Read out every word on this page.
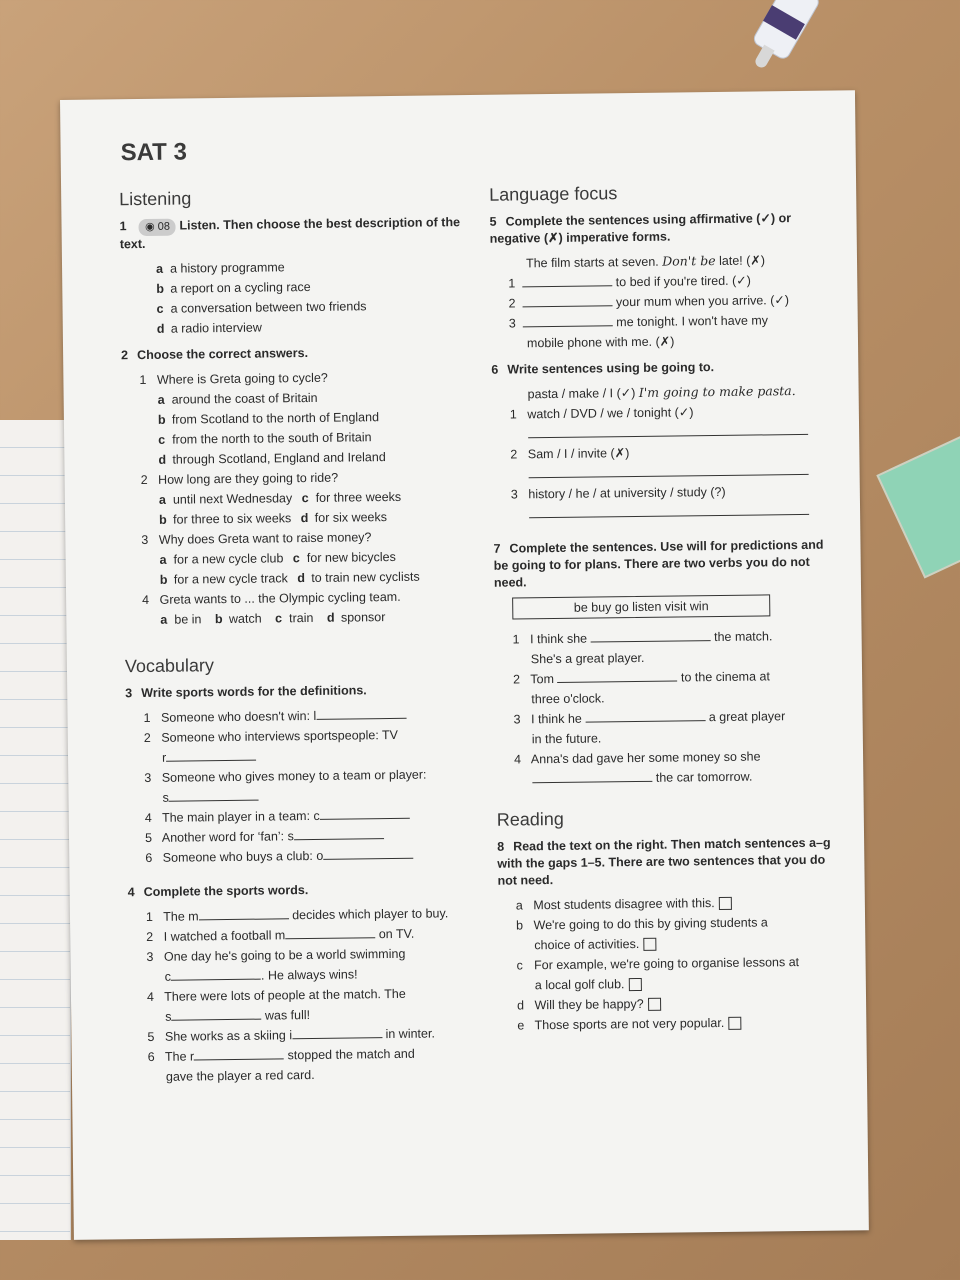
SAT 3
Listening
1 ◉ 08 Listen. Then choose the best description of the text.
a a history programme
b a report on a cycling race
c a conversation between two friends
d a radio interview
2 Choose the correct answers.
1 Where is Greta going to cycle?
a around the coast of Britain
b from Scotland to the north of England
c from the north to the south of Britain
d through Scotland, England and Ireland
2 How long are they going to ride?
a until next Wednesday c for three weeks
b for three to six weeks d for six weeks
3 Why does Greta want to raise money?
a for a new cycle club c for new bicycles
b for a new cycle track d to train new cyclists
4 Greta wants to ... the Olympic cycling team.
a be in b watch c train d sponsor
Vocabulary
3 Write sports words for the definitions.
1 Someone who doesn't win: l
2 Someone who interviews sportspeople: TV
r
3 Someone who gives money to a team or player:
s
4 The main player in a team: c
5 Another word for ‘fan’: s
6 Someone who buys a club: o
4 Complete the sports words.
1 The m	decides which player to buy.
2 I watched a football m	on TV.
3 One day he's going to be a world swimming
c	. He always wins!
4 There were lots of people at the match. The
s	was full!
5 She works as a skiing i	in winter.
6 The r	stopped the match and
gave the player a red card.
Language focus
5 Complete the sentences using affirmative (✓) or negative (✗) imperative forms.
The film starts at seven. Don't be late! (✗)
1	to bed if you're tired. (✓)
2	your mum when you arrive. (✓)
3	me tonight. I won't have my
mobile phone with me. (✗)
6 Write sentences using be going to.
pasta / make / I (✓) I'm going to make pasta.
1 watch / DVD / we / tonight (✓)
2 Sam / I / invite (✗)
3 history / he / at university / study (?)
7 Complete the sentences. Use will for predictions and be going to for plans. There are two verbs you do not need.
be buy go listen visit win
1 I think she	the match.
She's a great player.
2 Tom	to the cinema at
three o'clock.
3 I think he	a great player
in the future.
4 Anna's dad gave her some money so she
the car tomorrow.
Reading
8 Read the text on the right. Then match sentences a–g with the gaps 1–5. There are two sentences that you do not need.
a Most students disagree with this.
b We're going to do this by giving students a
choice of activities.
c For example, we're going to organise lessons at
a local golf club.
d Will they be happy?
e Those sports are not very popular.
